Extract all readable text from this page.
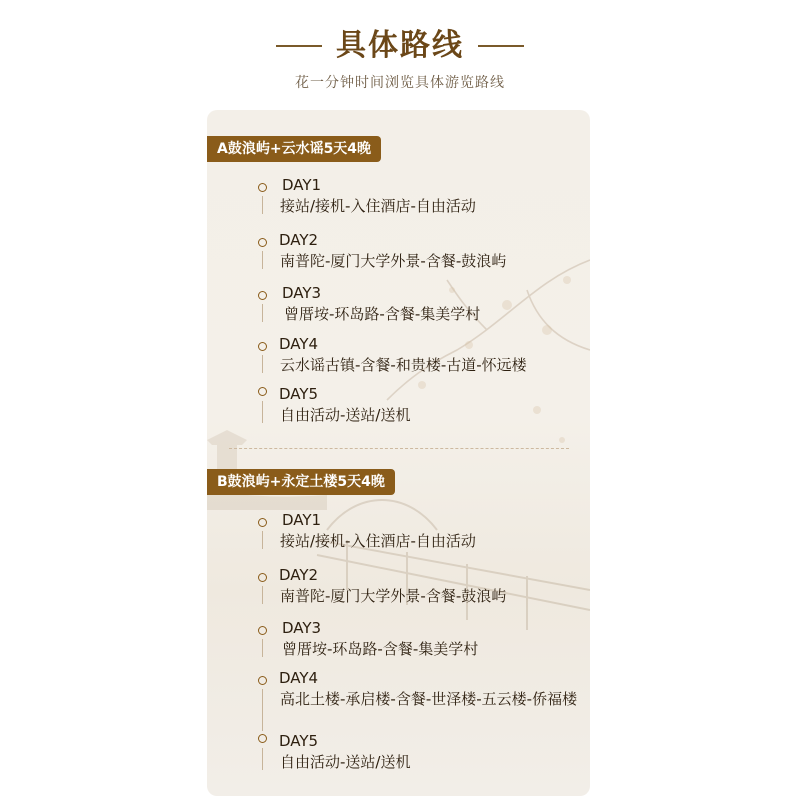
具体路线
花一分钟时间浏览具体游览路线
A鼓浪屿+云水谣5天4晚
DAY1
接站/接机-入住酒店-自由活动
DAY2
南普陀-厦门大学外景-含餐-鼓浪屿
DAY3
曾厝垵-环岛路-含餐-集美学村
DAY4
云水谣古镇-含餐-和贵楼-古道-怀远楼
DAY5
自由活动-送站/送机
B鼓浪屿+永定土楼5天4晚
DAY1
接站/接机-入住酒店-自由活动
DAY2
南普陀-厦门大学外景-含餐-鼓浪屿
DAY3
曾厝垵-环岛路-含餐-集美学村
DAY4
高北土楼-承启楼-含餐-世泽楼-五云楼-侨福楼
DAY5
自由活动-送站/送机
